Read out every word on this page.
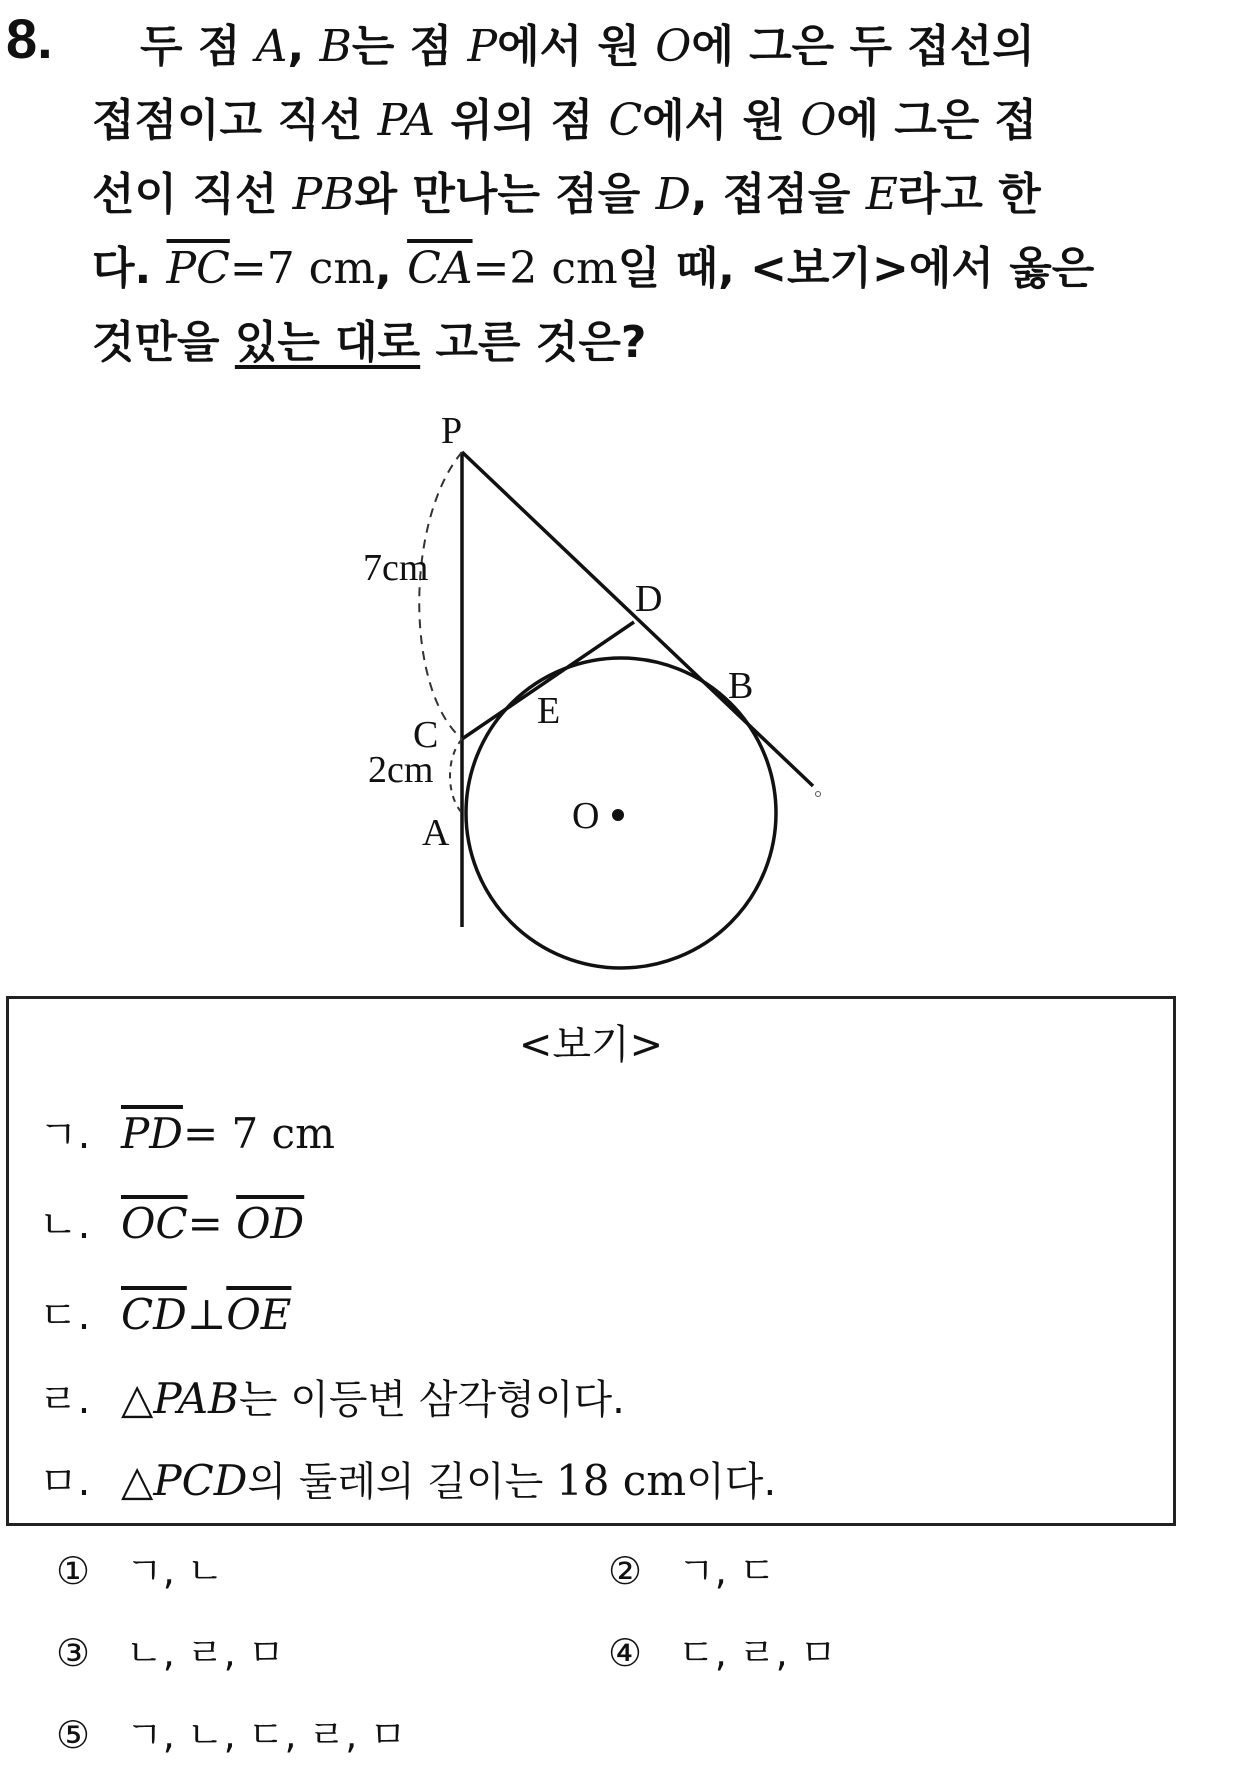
8.	두 점 A, B는 점 P에서 원 O에 그은 두 접선의
접점이고 직선 PA 위의 점 C에서 원 O에 그은 접
선이 직선 PB와 만나는 점을 D, 접점을 E라고 한
다. $\overline{PC}=7$ cm, $\overline{CA}=2$ cm일 때, <보기>에서 옳은
것만을 있는 대로 고른 것은?
P
D
B
E
C
A	O
7cm
2cm
<보기>
ㄱ. $\overline{PD}= 7$ cm
ㄴ. $\overline{OC}= \overline{OD}$
ㄷ. $\overline{CD}\perp\overline{OE}$
ㄹ. △PAB는 이등변 삼각형이다.
ㅁ. △PCD의 둘레의 길이는 18 cm이다.
① ㄱ, ㄴ	② ㄱ, ㄷ
③ ㄴ, ㄹ, ㅁ	④ ㄷ, ㄹ, ㅁ
⑤ ㄱ, ㄴ, ㄷ, ㄹ, ㅁ
